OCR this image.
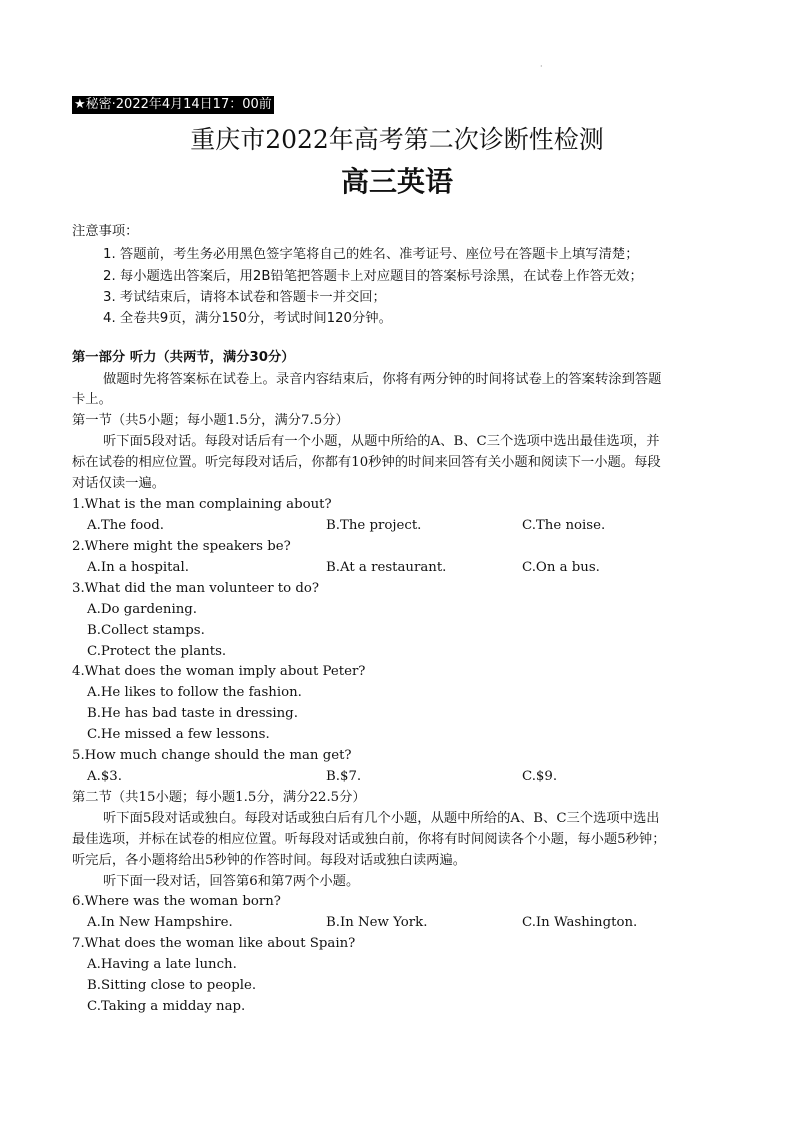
·
★秘密·2022年4月14日17：00前
重庆市2022年高考第二次诊断性检测
高三英语
注意事项：
1. 答题前，考生务必用黑色签字笔将自己的姓名、准考证号、座位号在答题卡上填写清楚；
2. 每小题选出答案后，用2B铅笔把答题卡上对应题目的答案标号涂黑，在试卷上作答无效；
3. 考试结束后，请将本试卷和答题卡一并交回；
4. 全卷共9页，满分150分，考试时间120分钟。
第一部分 听力（共两节，满分30分）
做题时先将答案标在试卷上。录音内容结束后，你将有两分钟的时间将试卷上的答案转涂到答题
卡上。
第一节（共5小题；每小题1.5分，满分7.5分）
听下面5段对话。每段对话后有一个小题，从题中所给的A、B、C三个选项中选出最佳选项，并
标在试卷的相应位置。听完每段对话后，你都有10秒钟的时间来回答有关小题和阅读下一小题。每段
对话仅读一遍。
1.What is the man complaining about?
A.The food.	B.The project.	C.The noise.
2.Where might the speakers be?
A.In a hospital.	B.At a restaurant.	C.On a bus.
3.What did the man volunteer to do?
A.Do gardening.
B.Collect stamps.
C.Protect the plants.
4.What does the woman imply about Peter?
A.He likes to follow the fashion.
B.He has bad taste in dressing.
C.He missed a few lessons.
5.How much change should the man get?
A.$3.	B.$7.	C.$9.
第二节（共15小题；每小题1.5分，满分22.5分）
听下面5段对话或独白。每段对话或独白后有几个小题，从题中所给的A、B、C三个选项中选出
最佳选项，并标在试卷的相应位置。听每段对话或独白前，你将有时间阅读各个小题，每小题5秒钟；
听完后，各小题将给出5秒钟的作答时间。每段对话或独白读两遍。
听下面一段对话，回答第6和第7两个小题。
6.Where was the woman born?
A.In New Hampshire.	B.In New York.	C.In Washington.
7.What does the woman like about Spain?
A.Having a late lunch.
B.Sitting close to people.
C.Taking a midday nap.
